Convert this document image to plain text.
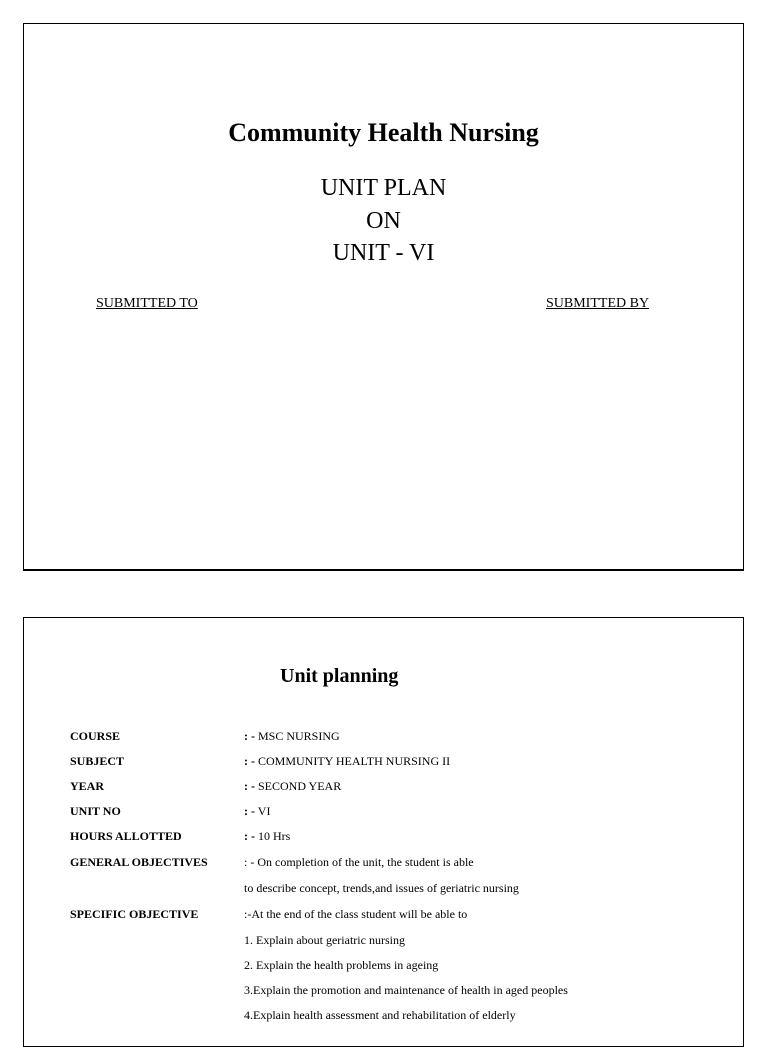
Community Health Nursing
UNIT PLAN
ON
UNIT - VI
SUBMITTED TO	SUBMITTED BY
Unit planning
COURSE	: - MSC NURSING
SUBJECT	: - COMMUNITY HEALTH NURSING II
YEAR	: - SECOND YEAR
UNIT NO	: - VI
HOURS ALLOTTED	: - 10 Hrs
GENERAL OBJECTIVES	: - On completion of the unit, the student is able
to describe concept, trends,and issues of geriatric nursing
SPECIFIC OBJECTIVE	:-At the end of the class student will be able to
1. Explain about geriatric nursing
2. Explain the health problems in ageing
3.Explain the promotion and maintenance of health in aged peoples
4.Explain health assessment and rehabilitation of elderly
